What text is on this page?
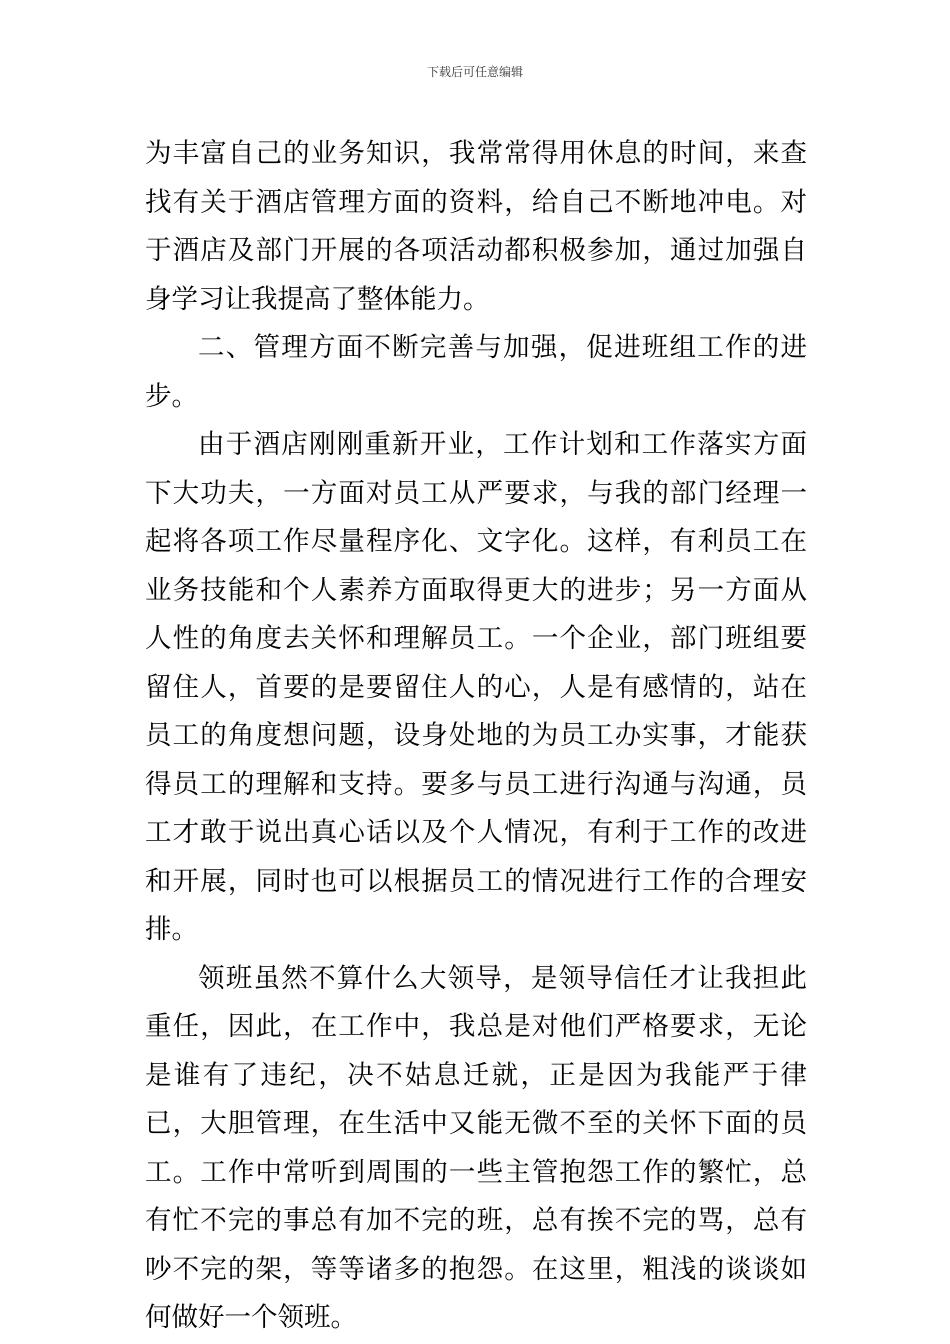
下载后可任意编辑

为丰富自己的业务知识，我常常得用休息的时间，来查找有关于酒店管理方面的资料，给自己不断地冲电。对于酒店及部门开展的各项活动都积极参加，通过加强自身学习让我提高了整体能力。

二、管理方面不断完善与加强，促进班组工作的进步。

由于酒店刚刚重新开业，工作计划和工作落实方面下大功夫，一方面对员工从严要求，与我的部门经理一起将各项工作尽量程序化、文字化。这样，有利员工在业务技能和个人素养方面取得更大的进步；另一方面从人性的角度去关怀和理解员工。一个企业，部门班组要留住人，首要的是要留住人的心，人是有感情的，站在员工的角度想问题，设身处地的为员工办实事，才能获得员工的理解和支持。要多与员工进行沟通与沟通，员工才敢于说出真心话以及个人情况，有利于工作的改进和开展，同时也可以根据员工的情况进行工作的合理安排。

领班虽然不算什么大领导，是领导信任才让我担此重任，因此，在工作中，我总是对他们严格要求，无论是谁有了违纪，决不姑息迁就，正是因为我能严于律已，大胆管理，在生活中又能无微不至的关怀下面的员工。工作中常听到周围的一些主管抱怨工作的繁忙，总有忙不完的事总有加不完的班，总有挨不完的骂，总有吵不完的架，等等诸多的抱怨。在这里，粗浅的谈谈如何做好一个领班。
